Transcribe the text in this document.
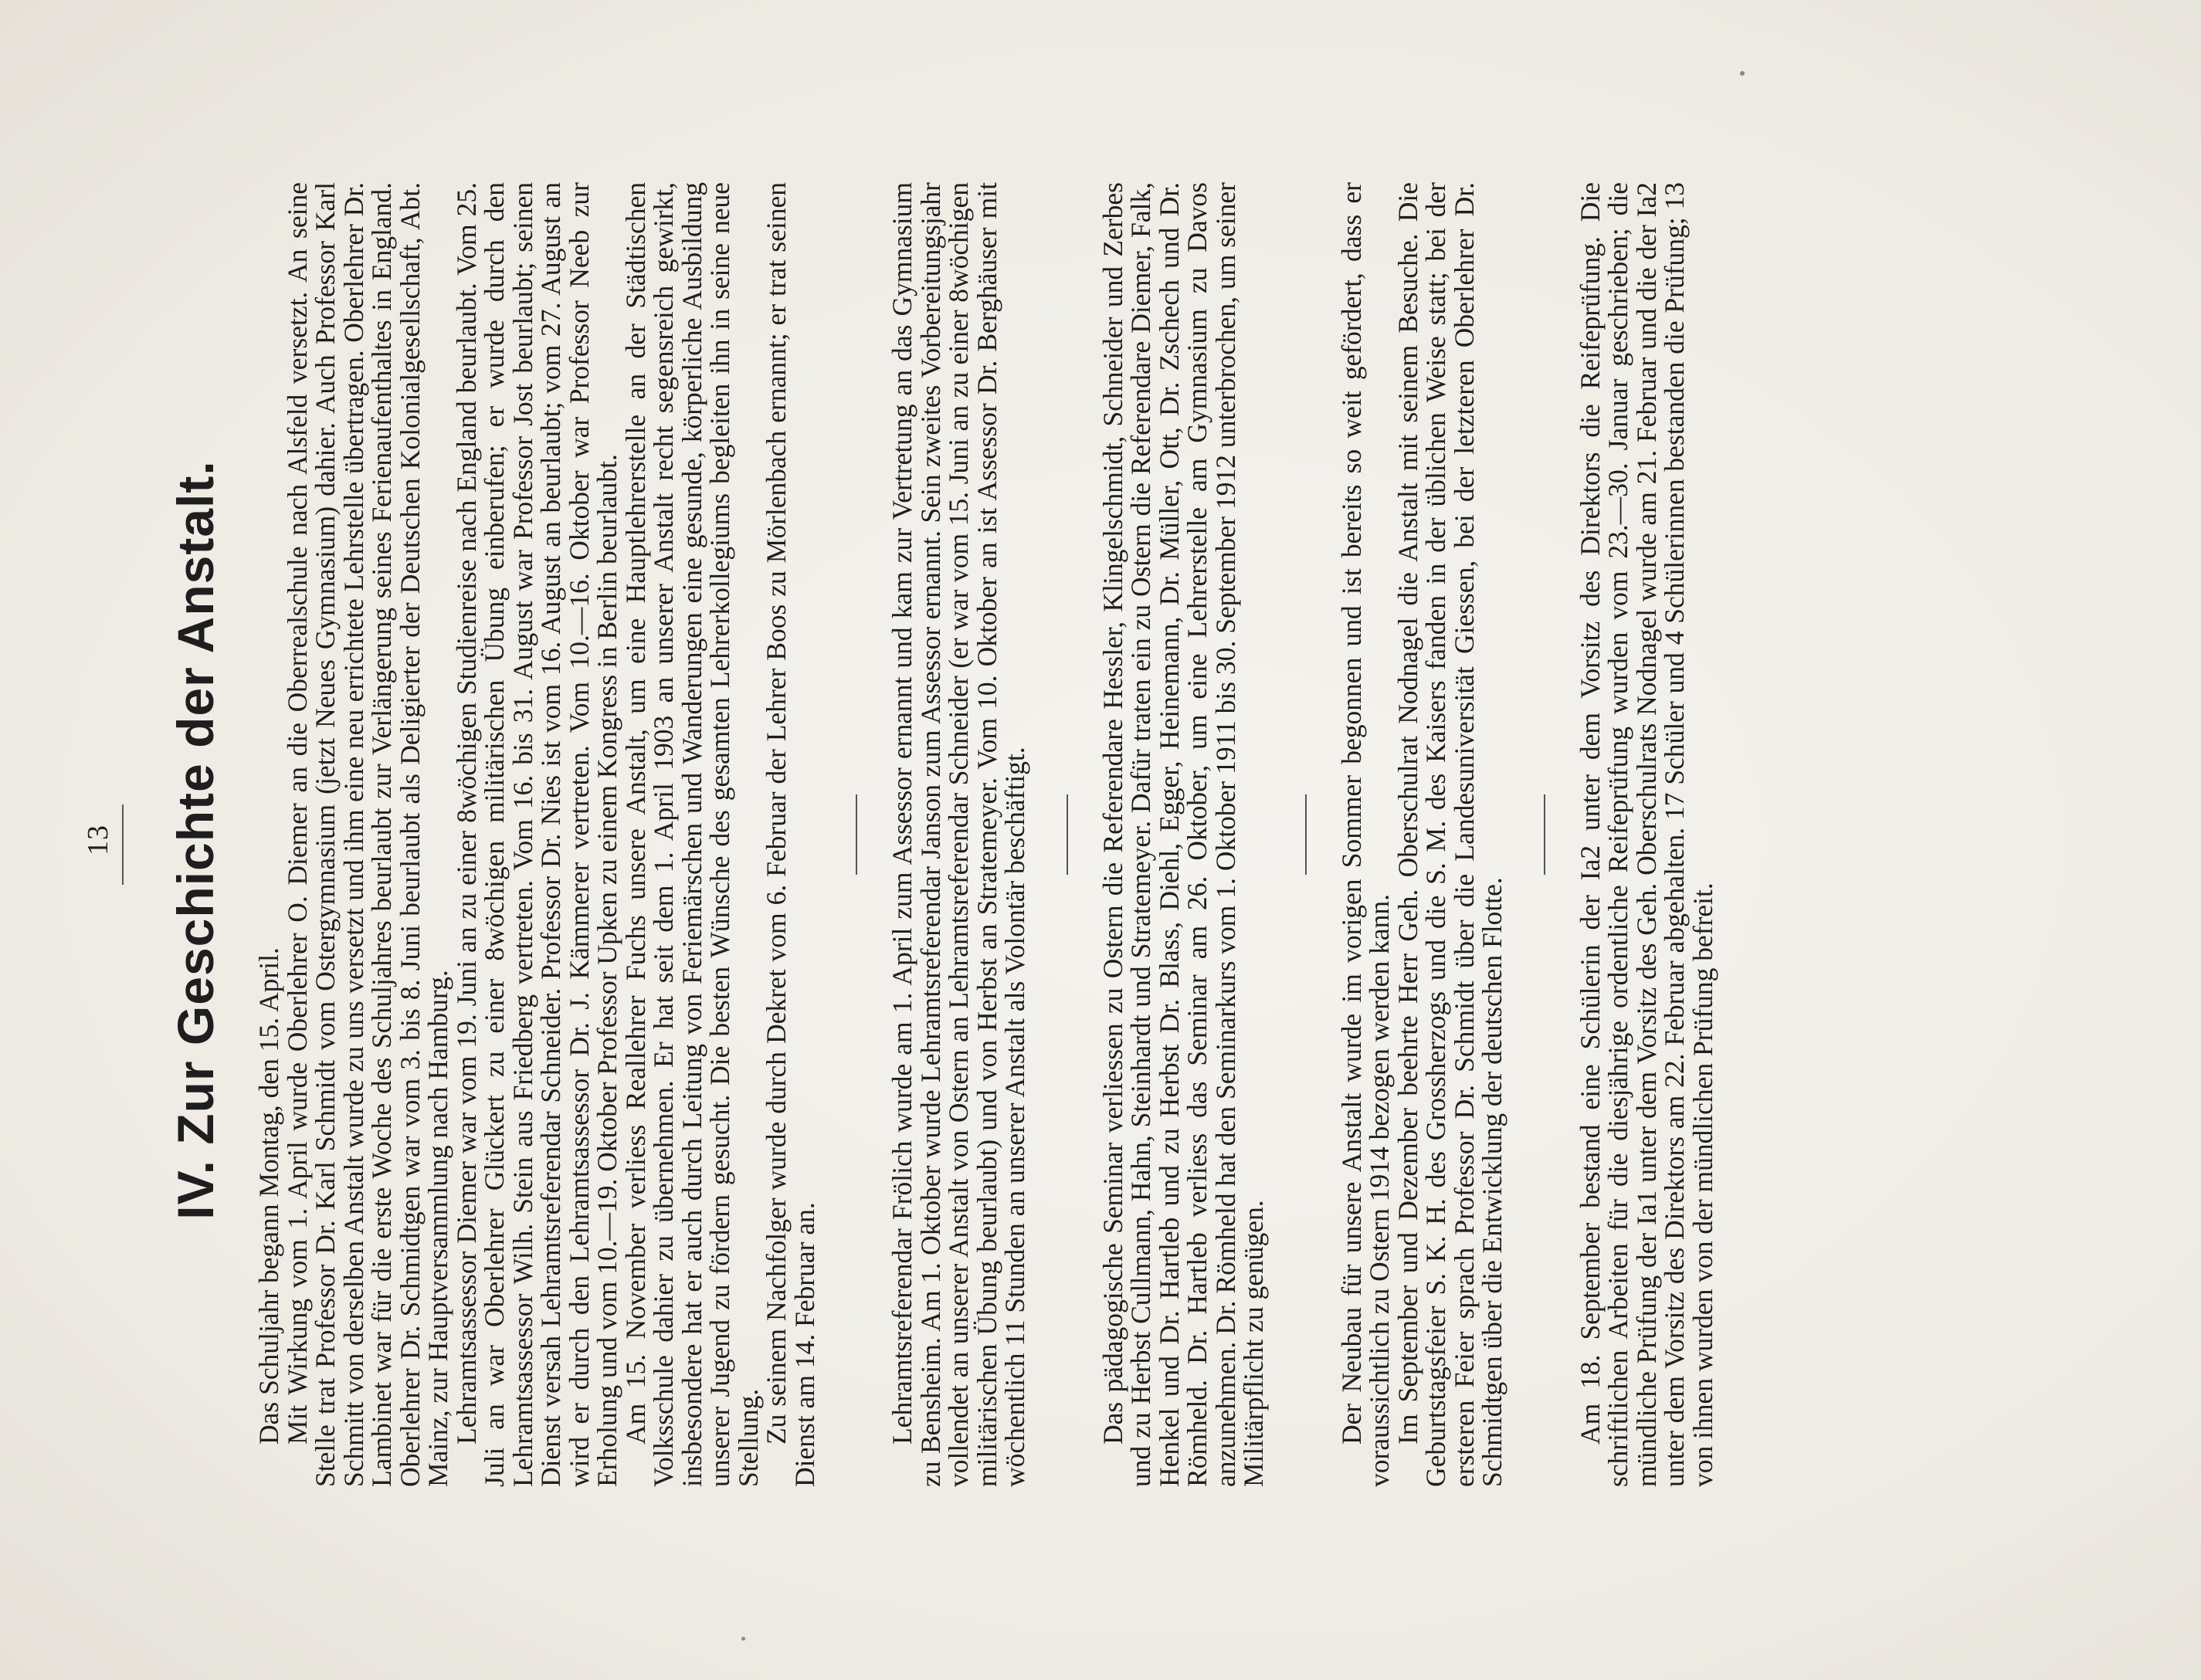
13 IV. Zur Geschichte der Anstalt. Das Schuljahr begann Montag, den 15. April.

Mit Wirkung vom 1. April wurde Oberlehrer O. Diemer an die Oberrealschule nach Alsfeld versetzt. An seine Stelle trat Professor Dr. Karl Schmidt vom Ostergymnasium (jetzt Neues Gymnasium) dahier. Auch Professor Karl Schmitt von derselben Anstalt wurde zu uns versetzt und ihm eine neu errichtete Lehrstelle übertragen. Oberlehrer Dr. Lambinet war für die erste Woche des Schuljahres beurlaubt zur Verlängerung seines Ferienaufenthaltes in England. Oberlehrer Dr. Schmidtgen war vom 3. bis 8. Juni beurlaubt als Deligierter der Deutschen Kolonialgesellschaft, Abt. Mainz, zur Hauptversammlung nach Hamburg.

Lehramtsassessor Diemer war vom 19. Juni an zu einer 8wöchigen Studienreise nach England beurlaubt. Vom 25. Juli an war Oberlehrer Glückert zu einer 8wöchigen militärischen Übung einberufen; er wurde durch den Lehramtsassessor Wilh. Stein aus Friedberg vertreten. Vom 16. bis 31. August war Professor Jost beurlaubt; seinen Dienst versah Lehramtsreferendar Schneider. Professor Dr. Nies ist vom 16. August an beurlaubt; vom 27. August an wird er durch den Lehramtsassessor Dr. J. Kämmerer vertreten. Vom 10.—16. Oktober war Professor Neeb zur Erholung und vom 10.—19. Oktober Professor Upken zu einem Kongress in Berlin beurlaubt.

Am 15. November verliess Reallehrer Fuchs unsere Anstalt, um eine Hauptlehrerstelle an der Städtischen Volksschule dahier zu übernehmen. Er hat seit dem 1. April 1903 an unserer Anstalt recht segensreich gewirkt, insbesondere hat er auch durch Leitung von Feriemärschen und Wanderungen eine gesunde, körperliche Ausbildung unserer Jugend zu fördern gesucht. Die besten Wünsche des gesamten Lehrerkollegiums begleiten ihn in seine neue Stellung.

Zu seinem Nachfolger wurde durch Dekret vom 6. Februar der Lehrer Boos zu Mörlenbach ernannt; er trat seinen Dienst am 14. Februar an. Lehramtsreferendar Frölich wurde am 1. April zum Assessor ernannt und kam zur Vertretung an das Gymnasium zu Bensheim. Am 1. Oktober wurde Lehramtsreferendar Janson zum Assessor ernannt. Sein zweites Vorbereitungsjahr vollendet an unserer Anstalt von Ostern an Lehramtsreferendar Schneider (er war vom 15. Juni an zu einer 8wöchigen militärischen Übung beurlaubt) und von Herbst an Stratemeyer. Vom 10. Oktober an ist Assessor Dr. Berghäuser mit wöchentlich 11 Stunden an unserer Anstalt als Volontär beschäftigt. Das pädagogische Seminar verliessen zu Ostern die Referendare Hessler, Klingelschmidt, Schneider und Zerbes und zu Herbst Cullmann, Hahn, Steinhardt und Stratemeyer. Dafür traten ein zu Ostern die Referendare Diemer, Falk, Henkel und Dr. Hartleb und zu Herbst Dr. Blass, Diehl, Egger, Heinemann, Dr. Müller, Ott, Dr. Zschech und Dr. Römheld. Dr. Hartleb verliess das Seminar am 26. Oktober, um eine Lehrerstelle am Gymnasium zu Davos anzunehmen. Dr. Römheld hat den Seminarkurs vom 1. Oktober 1911 bis 30. September 1912 unterbrochen, um seiner Militärpflicht zu genügen. Der Neubau für unsere Anstalt wurde im vorigen Sommer begonnen und ist bereits so weit gefördert, dass er voraussichtlich zu Ostern 1914 bezogen werden kann.

Im September und Dezember beehrte Herr Geh. Oberschulrat Nodnagel die Anstalt mit seinem Besuche. Die Geburtstagsfeier S. K. H. des Grossherzogs und die S. M. des Kaisers fanden in der üblichen Weise statt; bei der ersteren Feier sprach Professor Dr. Schmidt über die Landesuniversität Giessen, bei der letzteren Oberlehrer Dr. Schmidtgen über die Entwicklung der deutschen Flotte. Am 18. September bestand eine Schülerin der Ia2 unter dem Vorsitz des Direktors die Reifeprüfung. Die schriftlichen Arbeiten für die diesjährige ordentliche Reifeprüfung wurden vom 23.—30. Januar geschrieben; die mündliche Prüfung der Ia1 unter dem Vorsitz des Geh. Oberschulrats Nodnagel wurde am 21. Februar und die der Ia2 unter dem Vorsitz des Direktors am 22. Februar abgehalten. 17 Schüler und 4 Schülerinnen bestanden die Prüfung; 13 von ihnen wurden von der mündlichen Prüfung befreit.
